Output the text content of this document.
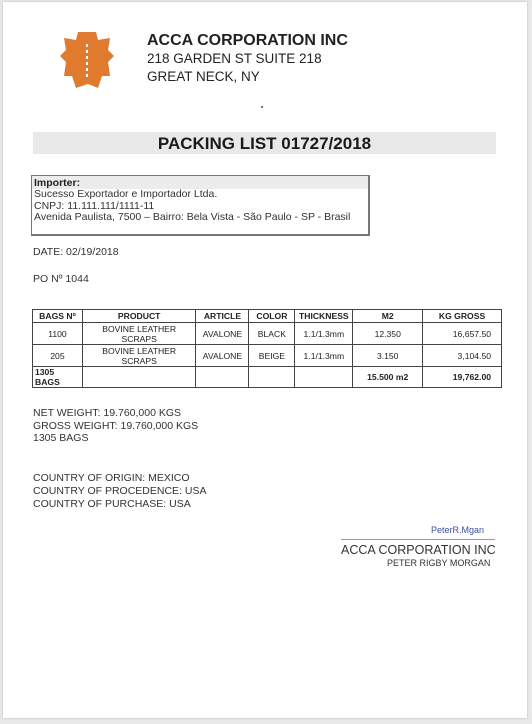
ACCA CORPORATION INC
218 GARDEN ST SUITE 218
GREAT NECK, NY
PACKING LIST 01727/2018
Importer:
Sucesso Exportador e Importador Ltda.
CNPJ: 11.111.111/1111-11
Avenida Paulista, 7500 – Bairro: Bela Vista - São Paulo - SP - Brasil
DATE: 02/19/2018
PO Nº 1044
BAGS Nº	PRODUCT	ARTICLE	COLOR	THICKNESS	M2	KG GROSS
1100	BOVINE LEATHER SCRAPS	AVALONE	BLACK	1.1/1.3mm	12.350	16,657.50
205	BOVINE LEATHER SCRAPS	AVALONE	BEIGE	1.1/1.3mm	3.150	3,104.50
1305 BAGS					15.500 m2	19,762.00
NET WEIGHT: 19.760,000 KGS
GROSS WEIGHT: 19.760,000 KGS
1305 BAGS
COUNTRY OF ORIGIN: MEXICO
COUNTRY OF PROCEDENCE: USA
COUNTRY OF PURCHASE: USA
PeterR.Mgan
ACCA CORPORATION INC
PETER RIGBY MORGAN
